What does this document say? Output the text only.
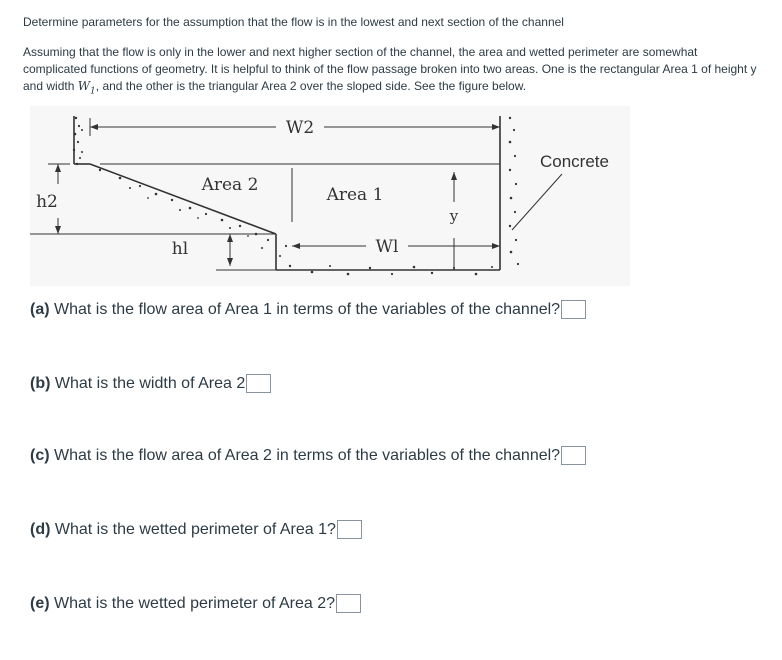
Determine parameters for the assumption that the flow is in the lowest and next section of the channel
Assuming that the flow is only in the lower and next higher section of the channel, the area and wetted perimeter are somewhat complicated functions of geometry. It is helpful to think of the flow passage broken into two areas. One is the rectangular Area 1 of height y and width $W_1$, and the other is the triangular Area 2 over the sloped side. See the figure below.
W2
Concrete
Area 2	Area 1
h2
y
hl	Wl
(a)
What is the flow area of Area 1 in terms of the variables of the channel?
(b)
What is the width of Area 2
(c)
What is the flow area of Area 2 in terms of the variables of the channel?
(d)
What is the wetted perimeter of Area 1?
(e)
What is the wetted perimeter of Area 2?
